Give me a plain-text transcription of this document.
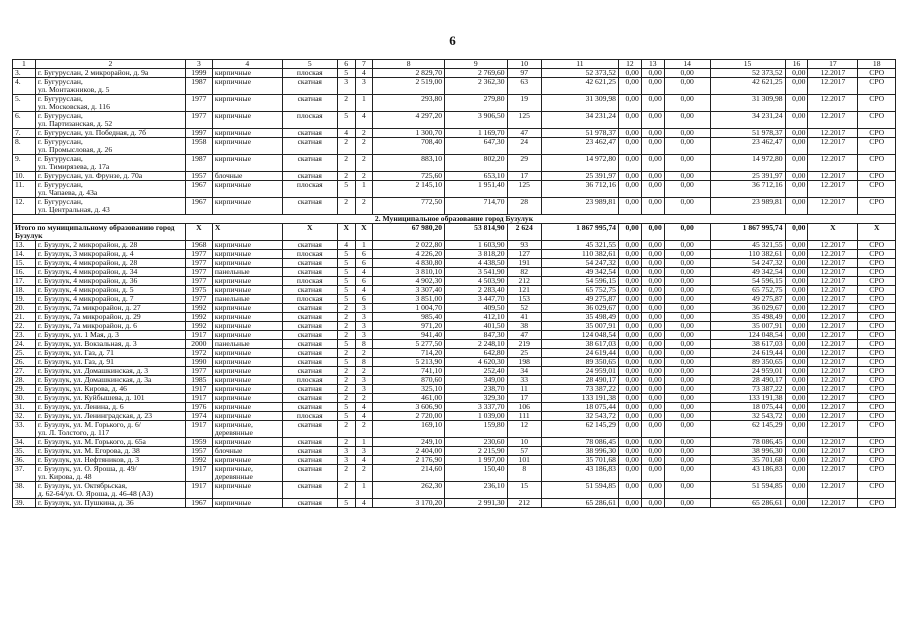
6
1	2	3	4	5	6	7	8	9	10	11	12	13	14	15	16	17	18
3.	г. Бугуруслан, 2 микрорайон, д. 9а	1999	кирпичные	плоская	5	4	2 829,70	2 769,60	97	52 373,52	0,00	0,00	0,00	52 373,52	0,00	12.2017	СРО
4.	г. Бугуруслан,
ул. Монтажников, д. 5	1987	кирпичные	скатная	3	3	2 519,00	2 362,30	63	42 621,25	0,00	0,00	0,00	42 621,25	0,00	12.2017	СРО
5.	г. Бугуруслан,
ул. Московская, д. 116	1977	кирпичные	скатная	2	1	293,80	279,80	19	31 309,98	0,00	0,00	0,00	31 309,98	0,00	12.2017	СРО
6.	г. Бугуруслан,
ул. Партизанская, д. 52	1977	кирпичные	плоская	5	4	4 297,20	3 906,50	125	34 231,24	0,00	0,00	0,00	34 231,24	0,00	12.2017	СРО
7.	г. Бугуруслан, ул. Победная, д. 7б	1997	кирпичные	скатная	4	2	1 300,70	1 169,70	47	51 978,37	0,00	0,00	0,00	51 978,37	0,00	12.2017	СРО
8.	г. Бугуруслан,
ул. Промысловая, д. 26	1958	кирпичные	скатная	2	2	708,40	647,30	24	23 462,47	0,00	0,00	0,00	23 462,47	0,00	12.2017	СРО
9.	г. Бугуруслан,
ул. Тимирязева, д. 17а	1987	кирпичные	скатная	2	2	883,10	802,20	29	14 972,80	0,00	0,00	0,00	14 972,80	0,00	12.2017	СРО
10.	г. Бугуруслан, ул. Фрунзе, д. 70а	1957	блочные	скатная	2	2	725,60	653,10	17	25 391,97	0,00	0,00	0,00	25 391,97	0,00	12.2017	СРО
11.	г. Бугуруслан,
ул. Чапаева, д. 43а	1967	кирпичные	плоская	5	1	2 145,10	1 951,40	125	36 712,16	0,00	0,00	0,00	36 712,16	0,00	12.2017	СРО
12.	г. Бугуруслан,
ул. Центральная, д. 43	1967	кирпичные	скатная	2	2	772,50	714,70	28	23 989,81	0,00	0,00	0,00	23 989,81	0,00	12.2017	СРО
2. Муниципальное образование город Бузулук																	
Итого по муниципальному образованию город Бузулук		Х	Х	Х	Х	Х	67 980,20	53 814,90	2 624	1 867 995,74	0,00	0,00	0,00	1 867 995,74	0,00	Х	Х
13.	г. Бузулук, 2 микрорайон, д. 28	1968	кирпичные	скатная	4	1	2 022,80	1 603,90	93	45 321,55	0,00	0,00	0,00	45 321,55	0,00	12.2017	СРО
14.	г. Бузулук, 3 микрорайон, д. 4	1977	кирпичные	плоская	5	6	4 226,20	3 818,20	127	110 382,61	0,00	0,00	0,00	110 382,61	0,00	12.2017	СРО
15.	г. Бузулук, 4 микрорайон, д. 28	1977	кирпичные	скатная	5	6	4 830,80	4 438,50	191	54 247,32	0,00	0,00	0,00	54 247,32	0,00	12.2017	СРО
16.	г. Бузулук, 4 микрорайон, д. 34	1977	панельные	скатная	5	4	3 810,10	3 541,90	82	49 342,54	0,00	0,00	0,00	49 342,54	0,00	12.2017	СРО
17.	г. Бузулук, 4 микрорайон, д. 36	1977	кирпичные	плоская	5	6	4 902,30	4 503,90	212	54 596,15	0,00	0,00	0,00	54 596,15	0,00	12.2017	СРО
18.	г. Бузулук, 4 микрорайон, д. 5	1975	кирпичные	скатная	5	4	3 307,40	2 283,40	121	65 752,75	0,00	0,00	0,00	65 752,75	0,00	12.2017	СРО
19.	г. Бузулук, 4 микрорайон, д. 7	1977	панельные	плоская	5	6	3 851,00	3 447,70	153	49 275,87	0,00	0,00	0,00	49 275,87	0,00	12.2017	СРО
20.	г. Бузулук, 7а микрорайон, д. 27	1992	кирпичные	скатная	2	3	1 004,70	409,50	52	36 029,67	0,00	0,00	0,00	36 029,67	0,00	12.2017	СРО
21.	г. Бузулук, 7а микрорайон, д. 29	1992	кирпичные	скатная	2	3	985,40	412,10	41	35 498,49	0,00	0,00	0,00	35 498,49	0,00	12.2017	СРО
22.	г. Бузулук, 7а микрорайон, д. 6	1992	кирпичные	скатная	2	3	971,20	401,50	38	35 007,91	0,00	0,00	0,00	35 007,91	0,00	12.2017	СРО
23.	г. Бузулук, ул. 1 Мая, д. 3	1917	кирпичные	скатная	2	3	941,40	847,30	47	124 048,54	0,00	0,00	0,00	124 048,54	0,00	12.2017	СРО
24.	г. Бузулук, ул. Вокзальная, д. 3	2000	панельные	скатная	5	8	5 277,50	2 248,10	219	38 617,03	0,00	0,00	0,00	38 617,03	0,00	12.2017	СРО
25.	г. Бузулук, ул. Газ, д. 71	1972	кирпичные	скатная	2	2	714,20	642,80	25	24 619,44	0,00	0,00	0,00	24 619,44	0,00	12.2017	СРО
26.	г. Бузулук, ул. Газ, д. 91	1990	кирпичные	скатная	5	8	5 213,90	4 620,30	198	89 350,65	0,00	0,00	0,00	89 350,65	0,00	12.2017	СРО
27.	г. Бузулук, ул. Домашкинская, д. 3	1977	кирпичные	скатная	2	2	741,10	252,40	34	24 959,01	0,00	0,00	0,00	24 959,01	0,00	12.2017	СРО
28.	г. Бузулук, ул. Домашкинская, д. 3а	1985	кирпичные	плоская	2	3	870,60	349,00	33	28 490,17	0,00	0,00	0,00	28 490,17	0,00	12.2017	СРО
29.	г. Бузулук, ул. Кирова, д. 46	1917	кирпичные	скатная	2	3	325,10	238,70	11	73 387,22	0,00	0,00	0,00	73 387,22	0,00	12.2017	СРО
30.	г. Бузулук, ул. Куйбышева, д. 101	1917	кирпичные	скатная	2	2	461,00	329,30	17	133 191,38	0,00	0,00	0,00	133 191,38	0,00	12.2017	СРО
31.	г. Бузулук, ул. Ленина, д. 6	1976	кирпичные	скатная	5	4	3 606,90	3 337,70	106	18 075,44	0,00	0,00	0,00	18 075,44	0,00	12.2017	СРО
32.	г. Бузулук, ул. Ленинградская, д. 23	1974	кирпичные	плоская	5	4	2 720,00	1 039,00	111	32 543,72	0,00	0,00	0,00	32 543,72	0,00	12.2017	СРО
33.	г. Бузулук, ул. М. Горького, д. 6/
ул. Л. Толстого, д. 117	1917	кирпичные,
деревянные	скатная	2	2	169,10	159,80	12	62 145,29	0,00	0,00	0,00	62 145,29	0,00	12.2017	СРО
34.	г. Бузулук, ул. М. Горького, д. 65а	1959	кирпичные	скатная	2	1	249,10	230,60	10	78 086,45	0,00	0,00	0,00	78 086,45	0,00	12.2017	СРО
35.	г. Бузулук, ул. М. Егорова, д. 38	1957	блочные	скатная	3	3	2 404,00	2 215,90	57	38 996,30	0,00	0,00	0,00	38 996,30	0,00	12.2017	СРО
36.	г. Бузулук, ул. Нефтяников, д. 3	1992	кирпичные	скатная	3	4	2 176,90	1 997,00	101	35 701,68	0,00	0,00	0,00	35 701,68	0,00	12.2017	СРО
37.	г. Бузулук, ул. О. Яроша, д. 49/
ул. Кирова, д. 48	1917	кирпичные,
деревянные	скатная	2	2	214,60	150,40	8	43 186,83	0,00	0,00	0,00	43 186,83	0,00	12.2017	СРО
38.	г. Бузулук, ул. Октябрьская,
д. 62-64/ул. О. Яроша, д. 46-48 (А3)	1917	кирпичные	скатная	2	1	262,30	236,10	15	51 594,85	0,00	0,00	0,00	51 594,85	0,00	12.2017	СРО
39.	г. Бузулук, ул. Пушкина, д. 36	1967	кирпичные	скатная	5	4	3 170,20	2 991,30	212	65 286,61	0,00	0,00	0,00	65 286,61	0,00	12.2017	СРО
